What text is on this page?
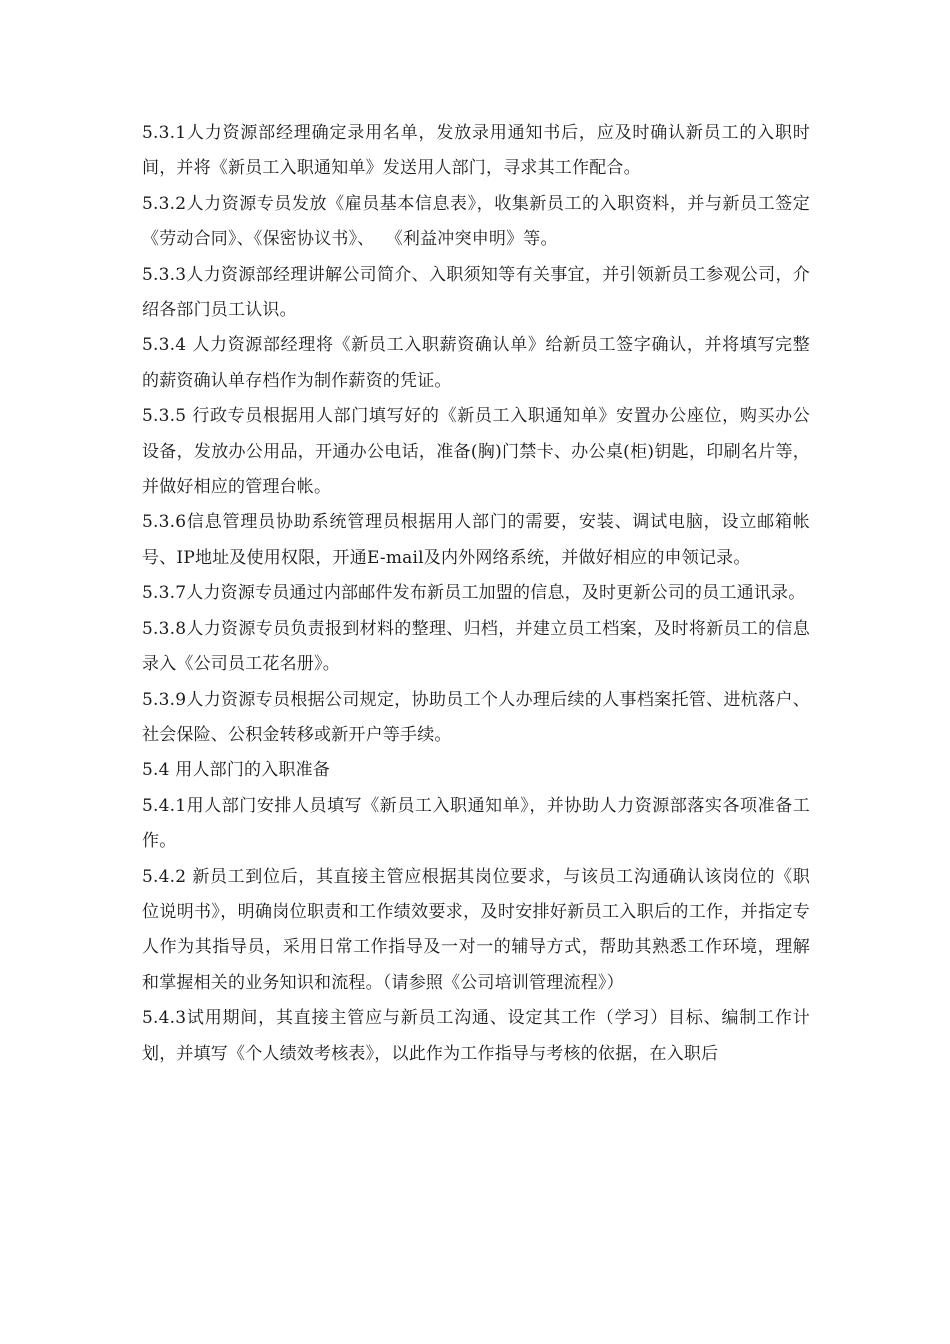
5.3.1人力资源部经理确定录用名单，发放录用通知书后，应及时确认新员工的入职时间，并将《新员工入职通知单》发送用人部门，寻求其工作配合。

5.3.2人力资源专员发放《雇员基本信息表》，收集新员工的入职资料，并与新员工签定《劳动合同》、《保密协议书》、  《利益冲突申明》等。

5.3.3人力资源部经理讲解公司简介、入职须知等有关事宜，并引领新员工参观公司，介绍各部门员工认识。

5.3.4 人力资源部经理将《新员工入职薪资确认单》给新员工签字确认，并将填写完整的薪资确认单存档作为制作薪资的凭证。

5.3.5 行政专员根据用人部门填写好的《新员工入职通知单》安置办公座位，购买办公设备，发放办公用品，开通办公电话，准备(胸)门禁卡、办公桌(柜)钥匙，印刷名片等，并做好相应的管理台帐。

5.3.6信息管理员协助系统管理员根据用人部门的需要，安装、调试电脑，设立邮箱帐号、IP地址及使用权限，开通E-mail及内外网络系统，并做好相应的申领记录。

5.3.7人力资源专员通过内部邮件发布新员工加盟的信息，及时更新公司的员工通讯录。

5.3.8人力资源专员负责报到材料的整理、归档，并建立员工档案，及时将新员工的信息录入《公司员工花名册》。

5.3.9人力资源专员根据公司规定，协助员工个人办理后续的人事档案托管、进杭落户、社会保险、公积金转移或新开户等手续。

5.4 用人部门的入职准备

5.4.1用人部门安排人员填写《新员工入职通知单》，并协助人力资源部落实各项准备工作。

5.4.2 新员工到位后，其直接主管应根据其岗位要求，与该员工沟通确认该岗位的《职位说明书》，明确岗位职责和工作绩效要求，及时安排好新员工入职后的工作，并指定专人作为其指导员，采用日常工作指导及一对一的辅导方式，帮助其熟悉工作环境，理解和掌握相关的业务知识和流程。（请参照《公司培训管理流程》）

5.4.3试用期间，其直接主管应与新员工沟通、设定其工作（学习）目标、编制工作计划，并填写《个人绩效考核表》，以此作为工作指导与考核的依据，在入职后
